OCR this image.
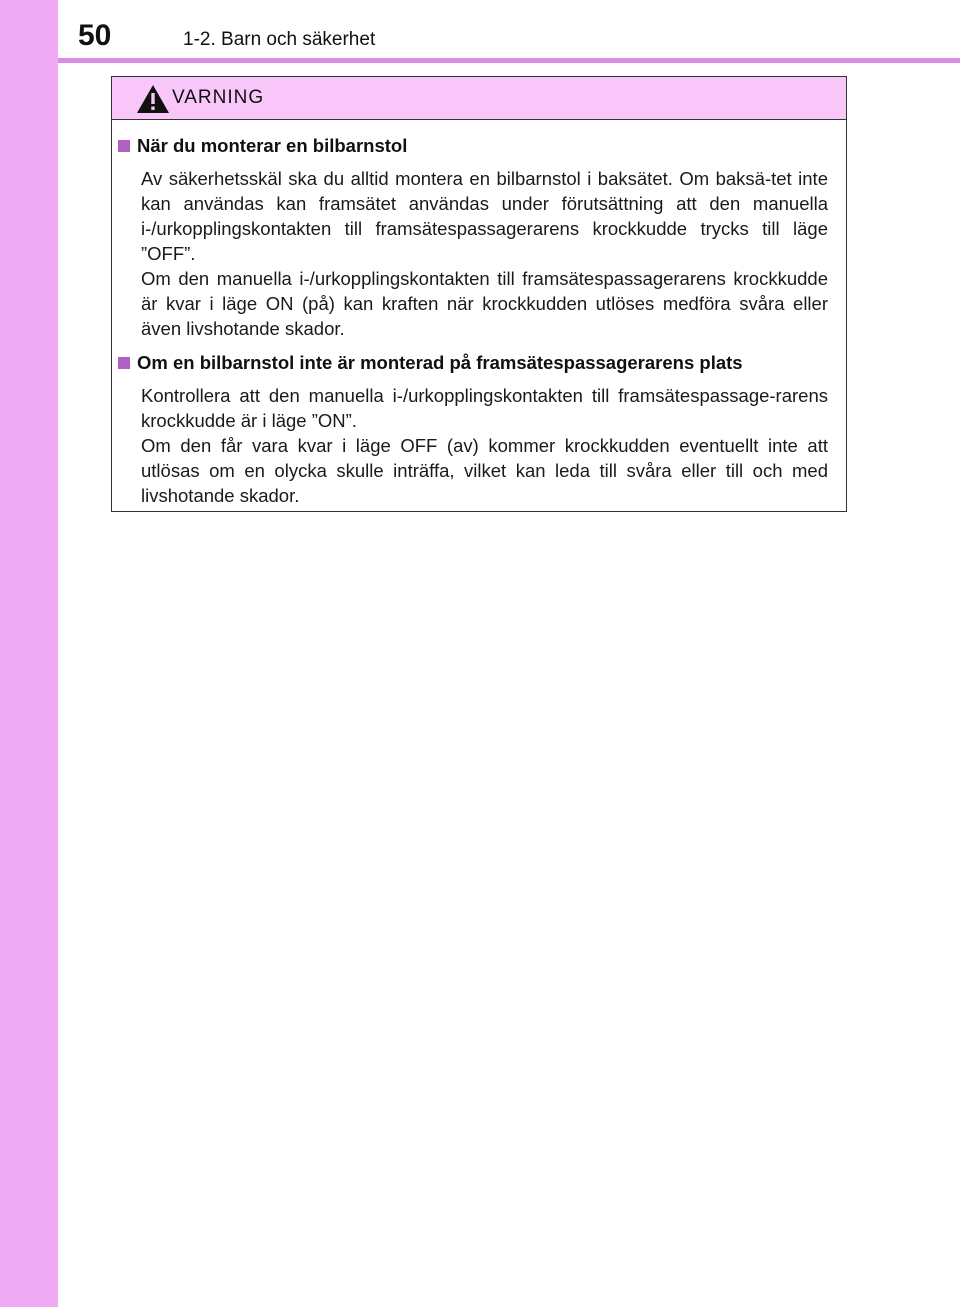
50	1-2. Barn och säkerhet
VARNING
När du monterar en bilbarnstol

Av säkerhetsskäl ska du alltid montera en bilbarnstol i baksätet. Om baksä-tet inte kan användas kan framsätet användas under förutsättning att den manuella i-/urkopplingskontakten till framsätespassagerarens krockkudde trycks till läge ”OFF”.

Om den manuella i-/urkopplingskontakten till framsätespassagerarens krockkudde är kvar i läge ON (på) kan kraften när krockkudden utlöses medföra svåra eller även livshotande skador.

Om en bilbarnstol inte är monterad på framsätespassagerarens plats

Kontrollera att den manuella i-/urkopplingskontakten till framsätespassage-rarens krockkudde är i läge ”ON”.

Om den får vara kvar i läge OFF (av) kommer krockkudden eventuellt inte att utlösas om en olycka skulle inträffa, vilket kan leda till svåra eller till och med livshotande skador.
